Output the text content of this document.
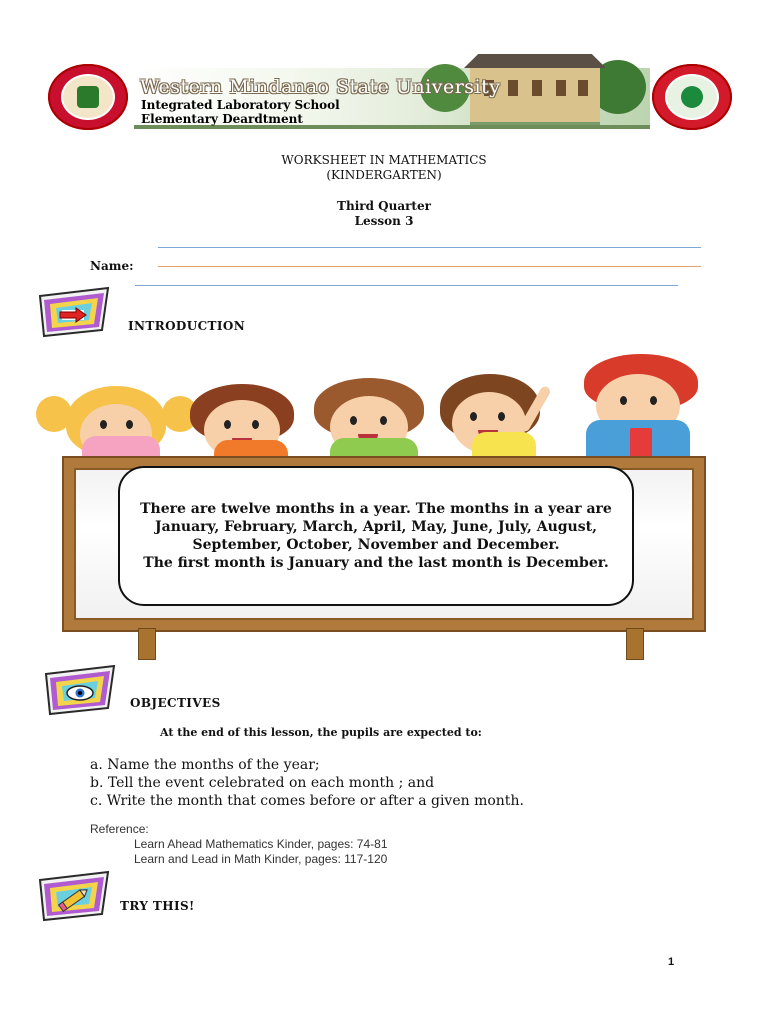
Western Mindanao State University
Integrated Laboratory School
Elementary Deardtment
WORKSHEET IN MATHEMATICS
(KINDERGARTEN)
Third Quarter
Lesson 3
Name:
INTRODUCTION
There are twelve months in a year. The months in a year are
January, February, March, April, May, June, July, August,
September, October, November and December.
The first month is January and the last month is December.
OBJECTIVES
At the end of this lesson, the pupils are expected to:
a. Name the months of the year;
b. Tell the event celebrated on each month ; and
c. Write the month that comes before or after a given month.
Reference:
Learn Ahead Mathematics Kinder, pages: 74-81
Learn and Lead in Math Kinder, pages: 117-120
TRY THIS!
1
